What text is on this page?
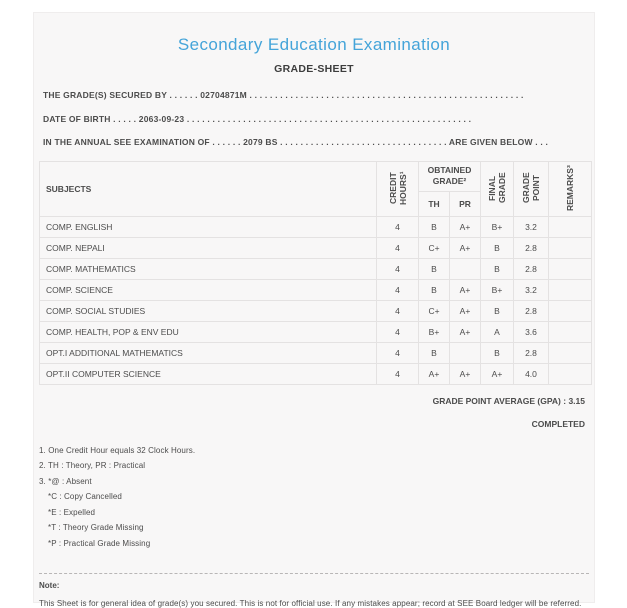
Secondary Education Examination
GRADE-SHEET
THE GRADE(S) SECURED BY . . . . . . 02704871M . . . . . . . . . . . . . . . . . . . . . . . . . . . . . . . . . . . . . . . . . . . . . . . . . . . . . .
DATE OF BIRTH . . . . . 2063-09-23 . . . . . . . . . . . . . . . . . . . . . . . . . . . . . . . . . . . . . . . . . . . . . . . . . . . . . . . .
IN THE ANNUAL SEE EXAMINATION OF . . . . . . 2079 BS . . . . . . . . . . . . . . . . . . . . . . . . . . . . . . . . . ARE GIVEN BELOW . . .
SUBJECTS	CREDIT HOURS¹	OBTAINED GRADE²		FINAL GRADE	GRADE POINT	REMARKS³
		TH	PR			
COMP. ENGLISH	4	B	A+	B+	3.2	
COMP. NEPALI	4	C+	A+	B	2.8	
COMP. MATHEMATICS	4	B		B	2.8	
COMP. SCIENCE	4	B	A+	B+	3.2	
COMP. SOCIAL STUDIES	4	C+	A+	B	2.8	
COMP. HEALTH, POP & ENV EDU	4	B+	A+	A	3.6	
OPT.I ADDITIONAL MATHEMATICS	4	B		B	2.8	
OPT.II COMPUTER SCIENCE	4	A+	A+	A+	4.0	
GRADE POINT AVERAGE (GPA) : 3.15
COMPLETED
1. One Credit Hour equals 32 Clock Hours.
2. TH : Theory, PR : Practical
3. *@ : Absent
*C : Copy Cancelled
*E : Expelled
*T : Theory Grade Missing
*P : Practical Grade Missing
Note:
This Sheet is for general idea of grade(s) you secured. This is not for official use. If any mistakes appear; record at SEE Board ledger will be referred.
